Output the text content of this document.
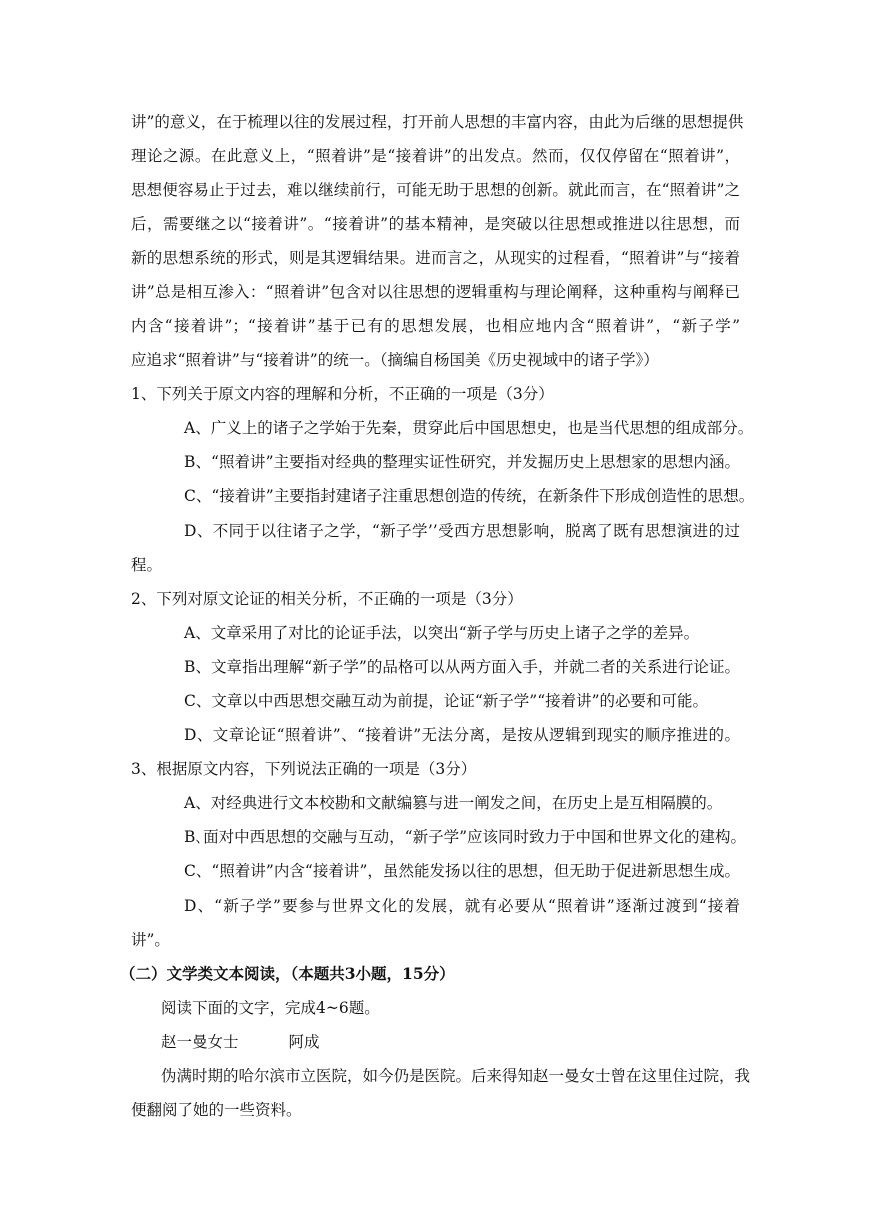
讲”的意义，在于梳理以往的发展过程，打开前人思想的丰富内容，由此为后继的思想提供
理论之源。在此意义上，“照着讲”是“接着讲”的出发点。然而，仅仅停留在“照着讲”，
思想便容易止于过去，难以继续前行，可能无助于思想的创新。就此而言，在“照着讲”之
后，需要继之以“接着讲”。“接着讲”的基本精神，是突破以往思想或推进以往思想，而
新的思想系统的形式，则是其逻辑结果。进而言之，从现实的过程看，“照着讲”与“接着
讲”总是相互渗入：“照着讲”包含对以往思想的逻辑重构与理论阐释，这种重构与阐释已
内含“接着讲”；“接着讲”基于已有的思想发展，也相应地内含“照着讲”，“新子学”
应追求“照着讲”与“接着讲”的统一。（摘编自杨国美《历史视域中的诸子学》）
1、下列关于原文内容的理解和分析，不正确的一项是（3分）
A、广义上的诸子之学始于先秦，贯穿此后中国思想史，也是当代思想的组成部分。
B、“照着讲”主要指对经典的整理实证性研究，并发掘历史上思想家的思想内涵。
C、“接着讲”主要指封建诸子注重思想创造的传统，在新条件下形成创造性的思想。
D、不同于以往诸子之学，“新子学’’受西方思想影响，脱离了既有思想演进的过
程。
2、下列对原文论证的相关分析，不正确的一项是（3分）
A、文章采用了对比的论证手法，以突出“新子学与历史上诸子之学的差异。
B、文章指出理解“新子学”的品格可以从两方面入手，并就二者的关系进行论证。
C、文章以中西思想交融互动为前提，论证“新子学”“接着讲”的必要和可能。
D、文章论证“照着讲”、“接着讲”无法分离，是按从逻辑到现实的顺序推进的。
3、根据原文内容，下列说法正确的一项是（3分）
A、对经典进行文本校勘和文献编篡与进一阐发之间，在历史上是互相隔膜的。
B､面对中西思想的交融与互动，“新子学”应该同时致力于中国和世界文化的建构。
C、“照着讲”内含“接着讲”，虽然能发扬以往的思想，但无助于促进新思想生成。
D、“新子学”要参与世界文化的发展，就有必要从“照着讲”逐渐过渡到“接着
讲”。
（二）文学类文本阅读，（本题共3小题，15分）
阅读下面的文字，完成4~6题。
赵一曼女士	阿成
伪满时期的哈尔滨市立医院，如今仍是医院。后来得知赵一曼女士曾在这里住过院，我
便翻阅了她的一些资料。
